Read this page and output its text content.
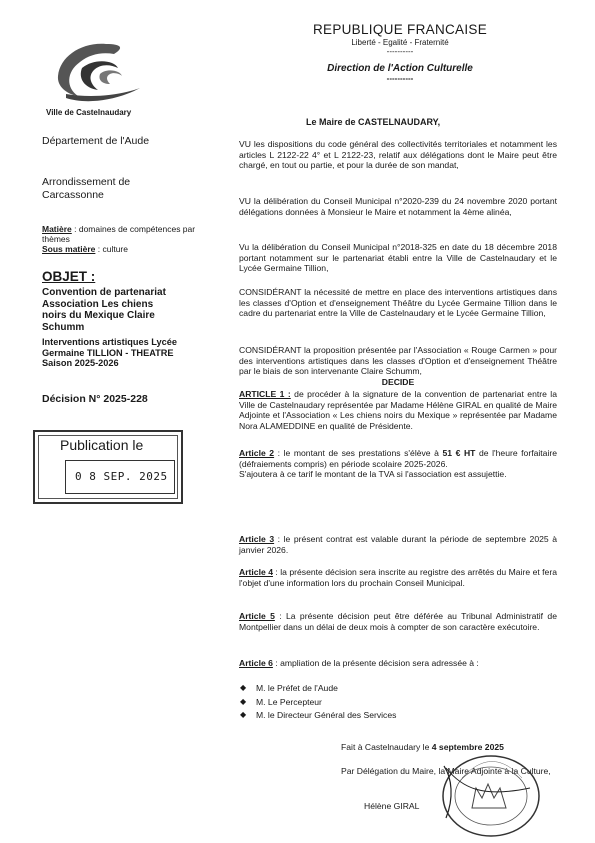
REPUBLIQUE FRANCAISE
Liberté - Egalité - Fraternité
----------
Direction de l'Action Culturelle
----------
Ville de Castelnaudary
Département de l'Aude
Arrondissement de Carcassonne
Matière : domaines de compétences par thèmes
Sous matière : culture
OBJET :
Convention de partenariat Association Les chiens noirs du Mexique Claire Schumm
Interventions artistiques Lycée Germaine TILLION - THEATRE Saison 2025-2026
Décision N° 2025-228
Publication le
0 8 SEP. 2025
Le Maire de CASTELNAUDARY,
VU les dispositions du code général des collectivités territoriales et notamment les articles L 2122-22 4° et L 2122-23, relatif aux délégations dont le Maire peut être chargé, en tout ou partie, et pour la durée de son mandat,
VU la délibération du Conseil Municipal n°2020-239 du 24 novembre 2020 portant délégations données à Monsieur le Maire et notamment la 4ème alinéa,
Vu la délibération du Conseil Municipal n°2018-325 en date du 18 décembre 2018 portant notamment sur le partenariat établi entre la Ville de Castelnaudary et le Lycée Germaine Tillion,
CONSIDÉRANT la nécessité de mettre en place des interventions artistiques dans les classes d'Option et d'enseignement Théâtre du Lycée Germaine Tillion dans le cadre du partenariat entre la Ville de Castelnaudary et le Lycée Germaine Tillion,
CONSIDÉRANT la proposition présentée par l'Association « Rouge Carmen » pour des interventions artistiques dans les classes d'Option et d'enseignement Théâtre par le biais de son intervenante Claire Schumm,
DECIDE
ARTICLE 1 : de procéder à la signature de la convention de partenariat entre la Ville de Castelnaudary représentée par Madame Hélène GIRAL en qualité de Maire Adjointe et l'Association « Les chiens noirs du Mexique » représentée par Madame Nora ALAMEDDINE en qualité de Présidente.
Article 2 : le montant de ses prestations s'élève à 51 € HT de l'heure forfaitaire (défraiements compris) en période scolaire 2025-2026.
S'ajoutera à ce tarif le montant de la TVA si l'association est assujettie.
Article 3 : le présent contrat est valable durant la période de septembre 2025 à janvier 2026.
Article 4 : la présente décision sera inscrite au registre des arrêtés du Maire et fera l'objet d'une information lors du prochain Conseil Municipal.
Article 5 : La présente décision peut être déférée au Tribunal Administratif de Montpellier dans un délai de deux mois à compter de son caractère exécutoire.
Article 6 : ampliation de la présente décision sera adressée à :
◆	M. le Préfet de l'Aude
◆	M. Le Percepteur
◆	M. le Directeur Général des Services
Fait à Castelnaudary le 4 septembre 2025
Par Délégation du Maire, la Maire Adjointe à la Culture,
Hélène GIRAL
